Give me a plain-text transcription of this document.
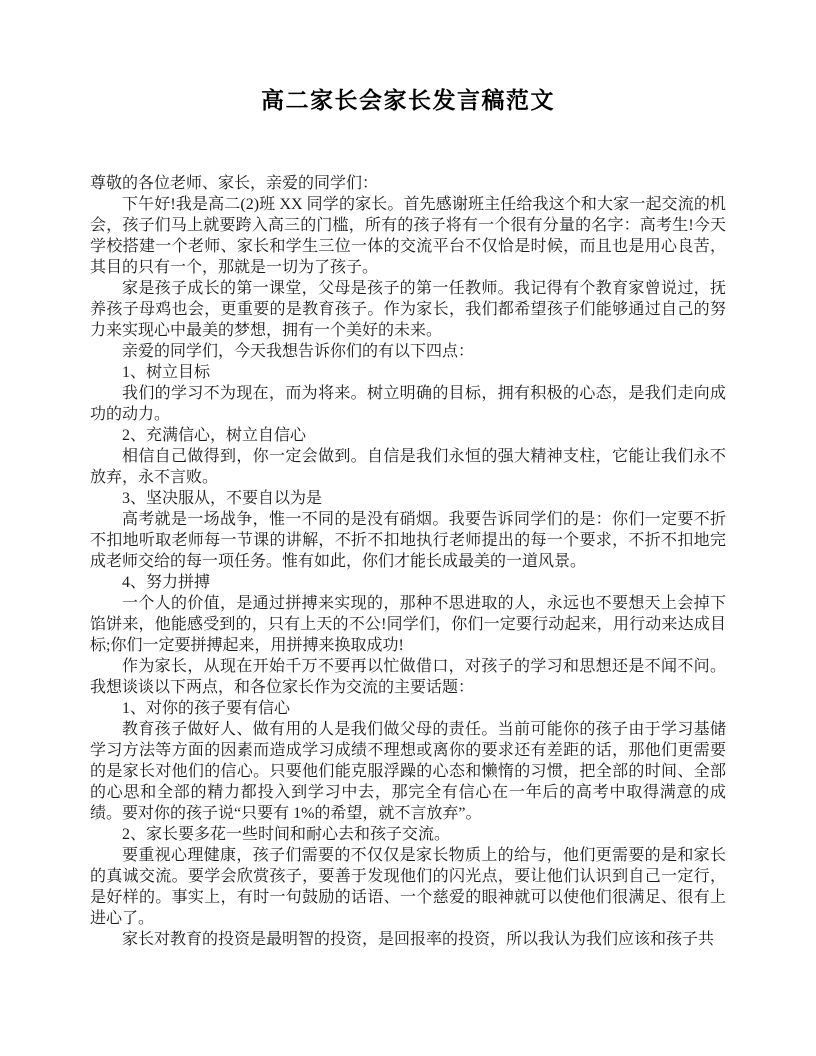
高二家长会家长发言稿范文

尊敬的各位老师、家长，亲爱的同学们：

下午好!我是高二(2)班 XX 同学的家长。首先感谢班主任给我这个和大家一起交流的机会，孩子们马上就要跨入高三的门槛，所有的孩子将有一个很有分量的名字：高考生!今天学校搭建一个老师、家长和学生三位一体的交流平台不仅恰是时候，而且也是用心良苦，其目的只有一个，那就是一切为了孩子。

家是孩子成长的第一课堂，父母是孩子的第一任教师。我记得有个教育家曾说过，抚养孩子母鸡也会，更重要的是教育孩子。作为家长，我们都希望孩子们能够通过自己的努力来实现心中最美的梦想，拥有一个美好的未来。

亲爱的同学们，今天我想告诉你们的有以下四点：

1、树立目标

我们的学习不为现在，而为将来。树立明确的目标，拥有积极的心态，是我们走向成功的动力。

2、充满信心，树立自信心

相信自己做得到，你一定会做到。自信是我们永恒的强大精神支柱，它能让我们永不放弃，永不言败。

3、坚决服从，不要自以为是

高考就是一场战争，惟一不同的是没有硝烟。我要告诉同学们的是：你们一定要不折不扣地听取老师每一节课的讲解，不折不扣地执行老师提出的每一个要求，不折不扣地完成老师交给的每一项任务。惟有如此，你们才能长成最美的一道风景。

4、努力拼搏

一个人的价值，是通过拼搏来实现的，那种不思进取的人，永远也不要想天上会掉下馅饼来，他能感受到的，只有上天的不公!同学们，你们一定要行动起来，用行动来达成目标;你们一定要拼搏起来，用拼搏来换取成功!

作为家长，从现在开始千万不要再以忙做借口，对孩子的学习和思想还是不闻不问。我想谈谈以下两点，和各位家长作为交流的主要话题：

1、对你的孩子要有信心

教育孩子做好人、做有用的人是我们做父母的责任。当前可能你的孩子由于学习基储学习方法等方面的因素而造成学习成绩不理想或离你的要求还有差距的话，那他们更需要的是家长对他们的信心。只要他们能克服浮躁的心态和懒惰的习惯，把全部的时间、全部的心思和全部的精力都投入到学习中去，那完全有信心在一年后的高考中取得满意的成绩。要对你的孩子说“只要有 1%的希望，就不言放弃”。

2、家长要多花一些时间和耐心去和孩子交流。

要重视心理健康，孩子们需要的不仅仅是家长物质上的给与，他们更需要的是和家长的真诚交流。要学会欣赏孩子，要善于发现他们的闪光点，要让他们认识到自己一定行，是好样的。事实上，有时一句鼓励的话语、一个慈爱的眼神就可以使他们很满足、很有上进心了。

家长对教育的投资是最明智的投资，是回报率的投资，所以我认为我们应该和孩子共
